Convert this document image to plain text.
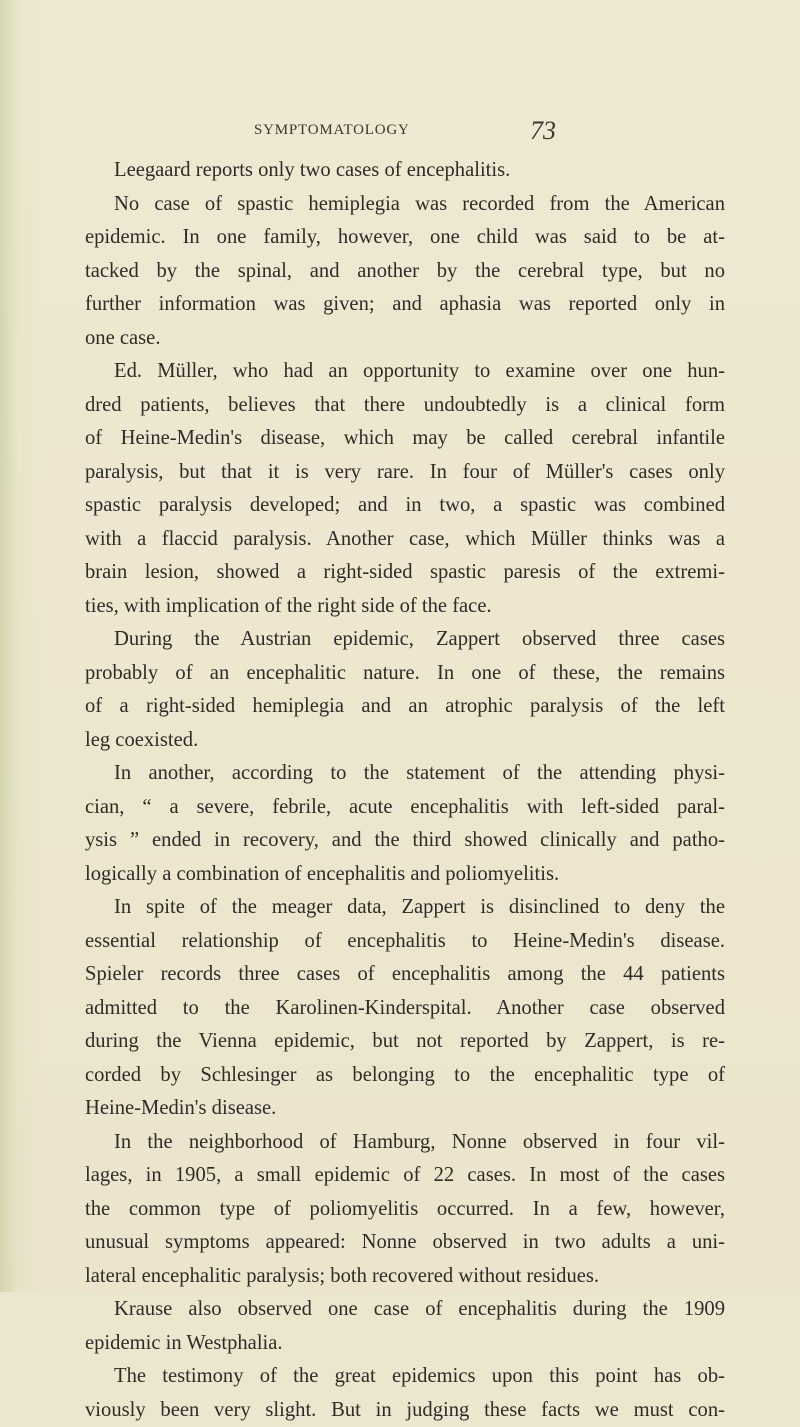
SYMPTOMATOLOGY	73
Leegaard reports only two cases of encephalitis.
No case of spastic hemiplegia was recorded from the American
epidemic. In one family, however, one child was said to be at-
tacked by the spinal, and another by the cerebral type, but no
further information was given; and aphasia was reported only in
one case.
Ed. Müller, who had an opportunity to examine over one hun-
dred patients, believes that there undoubtedly is a clinical form
of Heine-Medin's disease, which may be called cerebral infantile
paralysis, but that it is very rare. In four of Müller's cases only
spastic paralysis developed; and in two, a spastic was combined
with a flaccid paralysis. Another case, which Müller thinks was a
brain lesion, showed a right-sided spastic paresis of the extremi-
ties, with implication of the right side of the face.
During the Austrian epidemic, Zappert observed three cases
probably of an encephalitic nature. In one of these, the remains
of a right-sided hemiplegia and an atrophic paralysis of the left
leg coexisted.
In another, according to the statement of the attending physi-
cian, “ a severe, febrile, acute encephalitis with left-sided paral-
ysis ” ended in recovery, and the third showed clinically and patho-
logically a combination of encephalitis and poliomyelitis.
In spite of the meager data, Zappert is disinclined to deny the
essential relationship of encephalitis to Heine-Medin's disease.
Spieler records three cases of encephalitis among the 44 patients
admitted to the Karolinen-Kinderspital. Another case observed
during the Vienna epidemic, but not reported by Zappert, is re-
corded by Schlesinger as belonging to the encephalitic type of
Heine-Medin's disease.
In the neighborhood of Hamburg, Nonne observed in four vil-
lages, in 1905, a small epidemic of 22 cases. In most of the cases
the common type of poliomyelitis occurred. In a few, however,
unusual symptoms appeared: Nonne observed in two adults a uni-
lateral encephalitic paralysis; both recovered without residues.
Krause also observed one case of encephalitis during the 1909
epidemic in Westphalia.
The testimony of the great epidemics upon this point has ob-
viously been very slight. But in judging these facts we must con-
